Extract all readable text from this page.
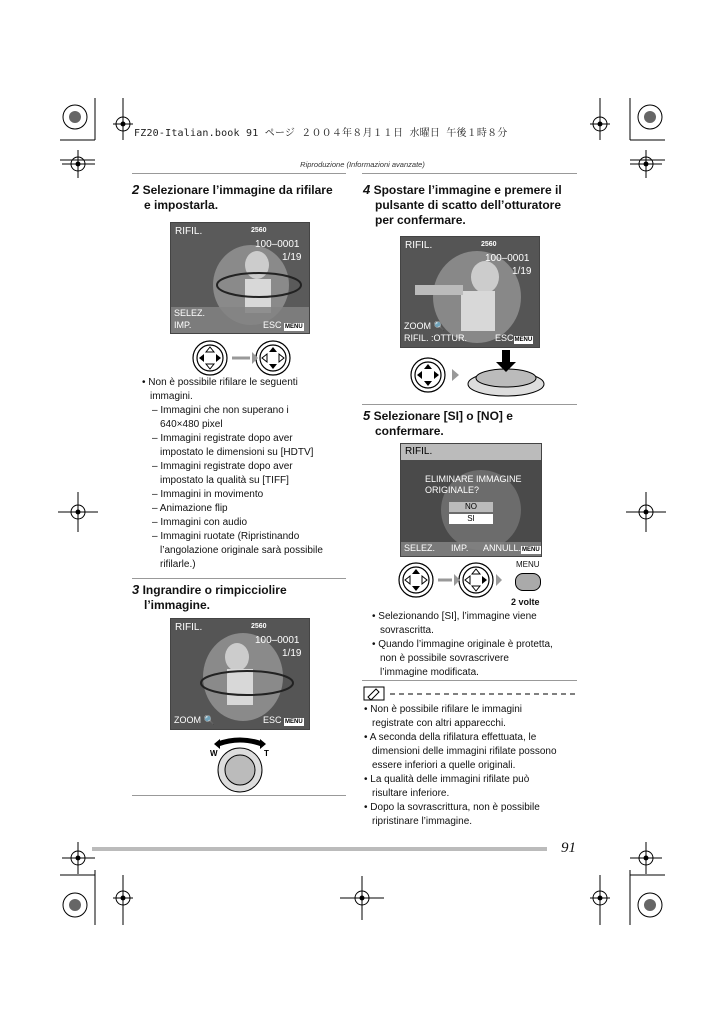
FZ20-Italian.book 91 ページ ２００４年８月１１日 水曜日 午後１時８分
Riproduzione (Informazioni avanzate)
2 Selezionare l’immagine da rifilare
e impostarla.
RIFIL.	2560
100–0001
1/19
SELEZ.
IMP.	ESC MENU

• Non è possibile rifilare le seguenti

immagini.

– Immagini che non superano i

640×480 pixel

– Immagini registrate dopo aver

impostato le dimensioni su [HDTV]

– Immagini registrate dopo aver

impostato la qualità su [TIFF]

– Immagini in movimento

– Animazione flip

– Immagini con audio

– Immagini ruotate (Ripristinando

l’angolazione originale sarà possibile

rifilarle.)

3 Ingrandire o rimpicciolire
l’immagine.
RIFIL.	2560
100–0001
1/19
ZOOM 🔍	ESC MENU
W	T
4 Spostare l’immagine e premere il
pulsante di scatto dell’otturatore
per confermare.
RIFIL.	2560
100–0001
1/19
ZOOM 🔍
RIFIL. :OTTUR.	ESCMENU
5 Selezionare [SI] o [NO] e
confermare.
RIFIL.
ELIMINARE IMMAGINE
ORIGINALE?
NO
SI
SELEZ. IMP. ANNULL.MENU
MENU
2 volte

• Selezionando [SI], l’immagine viene

sovrascritta.

• Quando l’immagine originale è protetta,

non è possibile sovrascrivere

l’immagine modificata.

• Non è possibile rifilare le immagini

registrate con altri apparecchi.

• A seconda della rifilatura effettuata, le

dimensioni delle immagini rifilate possono

essere inferiori a quelle originali.

• La qualità delle immagini rifilate può

risultare inferiore.

• Dopo la sovrascrittura, non è possibile

ripristinare l’immagine.

91
